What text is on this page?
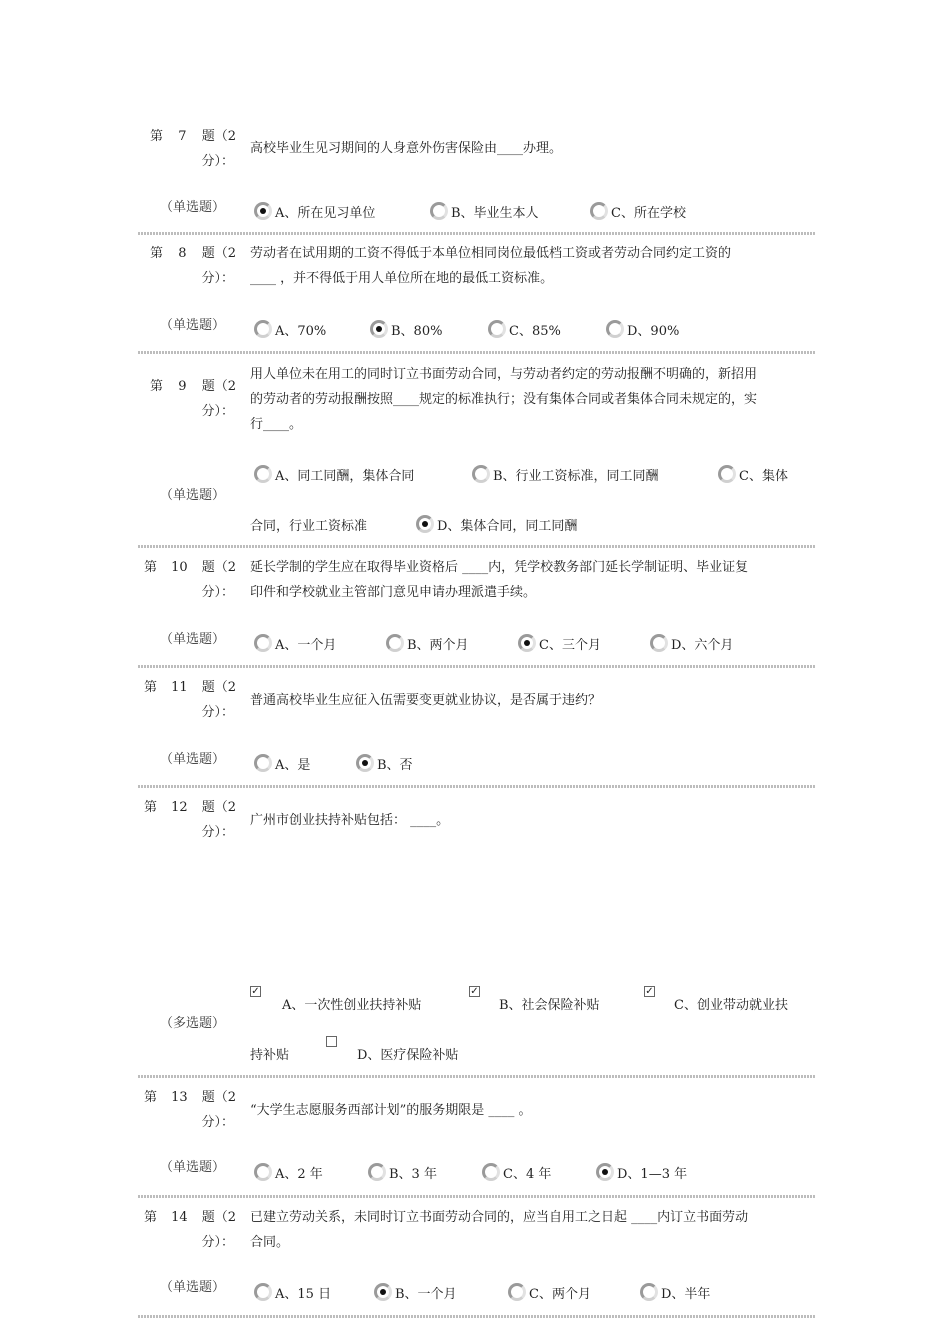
第 7 题（2
分）：
高校毕业生见习期间的人身意外伤害保险由____办理。
（单选题）	A、所在见习单位	B、毕业生本人	C、所在学校
第 8 题（2
分）：
劳动者在试用期的工资不得低于本单位相同岗位最低档工资或者劳动合同约定工资的
____ ，并不得低于用人单位所在地的最低工资标准。
（单选题）	A、70%	B、80%	C、85%	D、90%
第 9 题（2
分）：
用人单位未在用工的同时订立书面劳动合同，与劳动者约定的劳动报酬不明确的，新招用
的劳动者的劳动报酬按照____规定的标准执行；没有集体合同或者集体合同未规定的，实
行____。
（单选题）
A、同工同酬，集体合同	B、行业工资标准，同工同酬	C、集体
合同，行业工资标准	D、集体合同，同工同酬
第 10 题（2
分）：
延长学制的学生应在取得毕业资格后 ____内，凭学校教务部门延长学制证明、毕业证复
印件和学校就业主管部门意见申请办理派遣手续。
（单选题）	A、一个月	B、两个月	C、三个月	D、六个月
第 11 题（2
分）：
普通高校毕业生应征入伍需要变更就业协议，是否属于违约？
（单选题）	A、是	B、否
第 12 题（2
分）：
广州市创业扶持补贴包括： ____。
（多选题）
✓
A、一次性创业扶持补贴
✓
B、社会保险补贴
✓
C、创业带动就业扶
持补贴	D、医疗保险补贴
第 13 题（2
分）：
“大学生志愿服务西部计划”的服务期限是 ____ 。
（单选题）	A、2 年	B、3 年	C、4 年	D、1—3 年
第 14 题（2
分）：
已建立劳动关系，未同时订立书面劳动合同的，应当自用工之日起 ____内订立书面劳动
合同。
（单选题）	A、15 日	B、一个月	C、两个月	D、半年
